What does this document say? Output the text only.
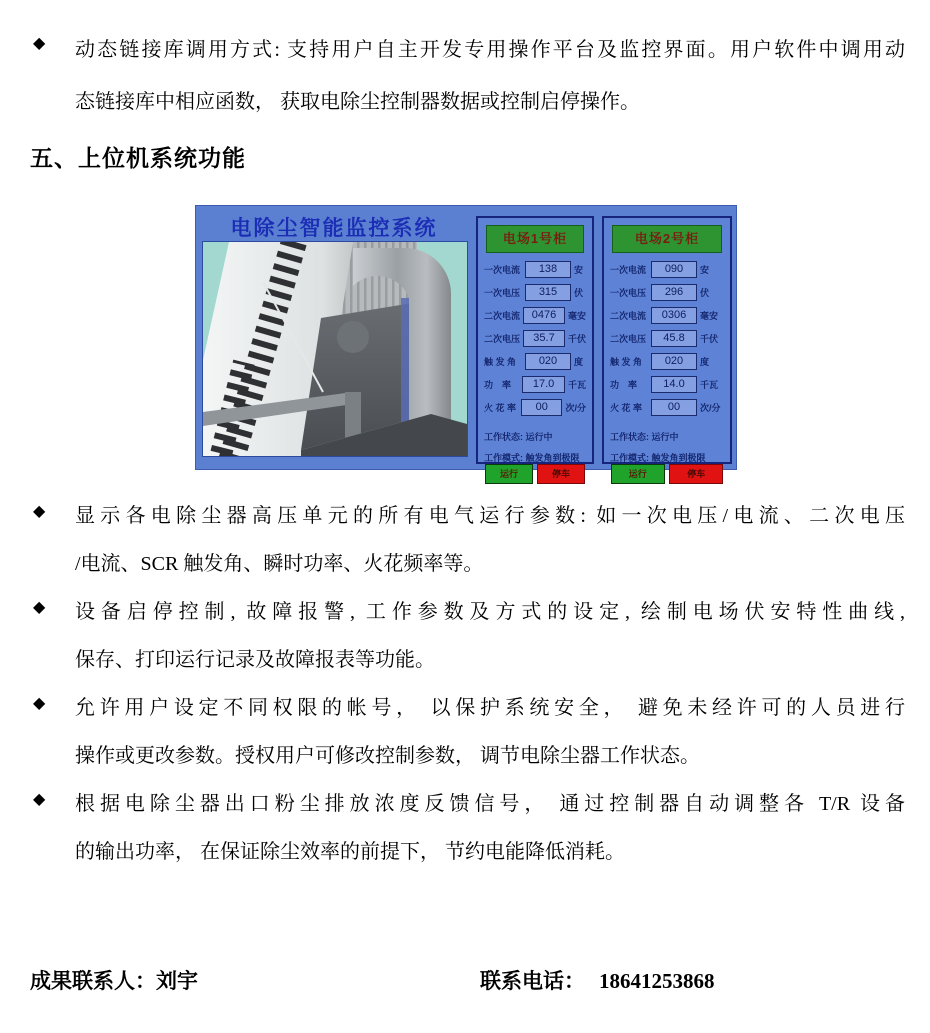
◆ 动态链接库调用方式: 支持用户自主开发专用操作平台及监控界面。用户软件中调用动
态链接库中相应函数， 获取电除尘控制器数据或控制启停操作。
五、上位机系统功能
电除尘智能监控系统	电场1号柜
一次电流	138	安
一次电压	315	伏
二次电流	0476	毫安
二次电压	35.7	千伏
触 发 角	020	度
功　率	17.0	千瓦
火 花 率	00	次/分
工作状态: 运行中
工作模式: 触发角到极限
运行	停车
电场2号柜
一次电流	090	安
一次电压	296	伏
二次电流	0306	毫安
二次电压	45.8	千伏
触 发 角	020	度
功　率	14.0	千瓦
火 花 率	00	次/分
工作状态: 运行中
工作模式: 触发角到极限
运行	停车
◆ 显示各电除尘器高压单元的所有电气运行参数: 如一次电压/电流、二次电压
/电流、SCR 触发角、瞬时功率、火花频率等。
◆ 设备启停控制, 故障报警, 工作参数及方式的设定, 绘制电场伏安特性曲线,
保存、打印运行记录及故障报表等功能。
◆ 允许用户设定不同权限的帐号， 以保护系统安全， 避免未经许可的人员进行
操作或更改参数。授权用户可修改控制参数， 调节电除尘器工作状态。
◆ 根据电除尘器出口粉尘排放浓度反馈信号， 通过控制器自动调整各 T/R 设备
的输出功率， 在保证除尘效率的前提下， 节约电能降低消耗。
成果联系人：刘宇	联系电话： 18641253868
